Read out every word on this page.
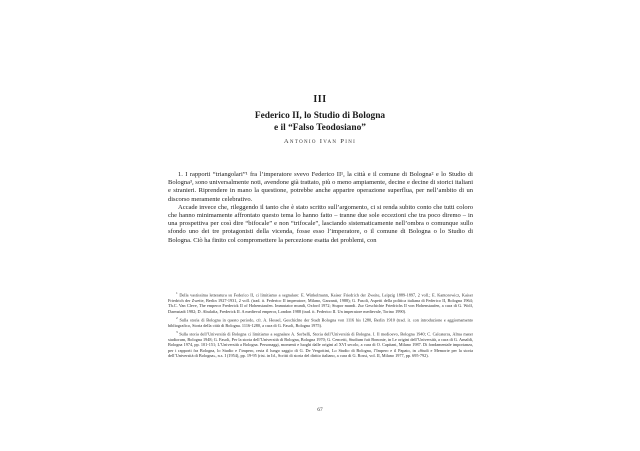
III
Federico II, lo Studio di Bologna
e il “Falso Teodosiano”
Antonio Ivan Pini

1. I rapporti “triangolari”¹ fra l’imperatore svevo Federico II¹, la città e il comune di Bologna² e lo Studio di Bologna³, sono universalmente noti, avendone già trattato, più o meno ampiamente, decine e decine di storici italiani e stranieri. Riprendere in mano la questione, potrebbe anche apparire operazione superflua, per nell’ambito di un discorso meramente celebrativo.

Accade invece che, rileggendo il tanto che è stato scritto sull’argomento, ci si renda subito conto che tutti coloro che hanno minimamente affrontato questo tema lo hanno fatto – tranne due sole eccezioni che tra poco diremo – in una prospettiva per così dire “bifocale” e non “trifocale”, lasciando sistematicamente nell’ombra o comunque sullo sfondo uno dei tre protagonisti della vicenda, fosse esso l’imperatore, o il comune di Bologna o lo Studio di Bologna. Ciò ha finito col compromettere la percezione esatta dei problemi, con

$^1$ Della vastissima letteratura su Federico II, ci limitiamo a segnalare: E. Winkelmann, Kaiser Friedrich der Zweite, Leipzig 1889-1897, 2 voll.; E. Kantorowicz, Kaiser Friedrich der Zweite, Berlin 1927-1931, 2 voll. (trad. it. Federico II imperatore, Milano, Garzanti, 1988); G. Fasoli, Aspetti della politica italiana di Federico II, Bologna 1964; Th.C. Van Cleve, The emperor Frederick II of Hohenstaufen. Immutator mundi, Oxford 1972; Stupor mundi. Zur Geschichte Friedrichs II von Hohenstaufen, a cura di G. Wolf, Darmstadt 1982; D. Abulafia, Frederick II. A medieval emperor, London 1988 (trad. it. Federico II. Un imperatore medievale, Torino 1990).

$^2$ Sulla storia di Bologna in questo periodo, cfr. A. Hessel, Geschichte der Stadt Bologna von 1116 bis 1280, Berlin 1910 (trad. it. con introduzione e aggiornamento bibliografico, Storia della città di Bologna. 1116-1280, a cura di G. Fasoli, Bologna 1975).

$^3$ Sulla storia dell’Università di Bologna ci limitiamo a segnalare A. Sorbelli, Storia dell’Università di Bologna. I. Il medioevo, Bologna 1940; C. Calcaterra, Alma mater studiorum, Bologna 1948; G. Fasoli, Per la storia dell’Università di Bologna, Bologna 1970; G. Cencetti, Studium fuit Bononie, in Le origini dell’Università, a cura di G. Arnaldi, Bologna 1974, pp. 101-151; L’Università a Bologna. Personaggi, momenti e luoghi dalle origini al XVI secolo, a cura di O. Capitani, Milano 1987. Di fondamentale importanza, per i rapporti fra Bologna, lo Studio e l’impero, resta il lungo saggio di G. De Vergottini, Lo Studio di Bologna, l’Impero e il Papato, in «Studi e Memorie per la storia dell’Università di Bologna», n.s. I (1954), pp. 19-95 (rist. in Id., Scritti di storia del diritto italiano, a cura di G. Rossi, vol. II, Milano 1977, pp. 695-792).

67
